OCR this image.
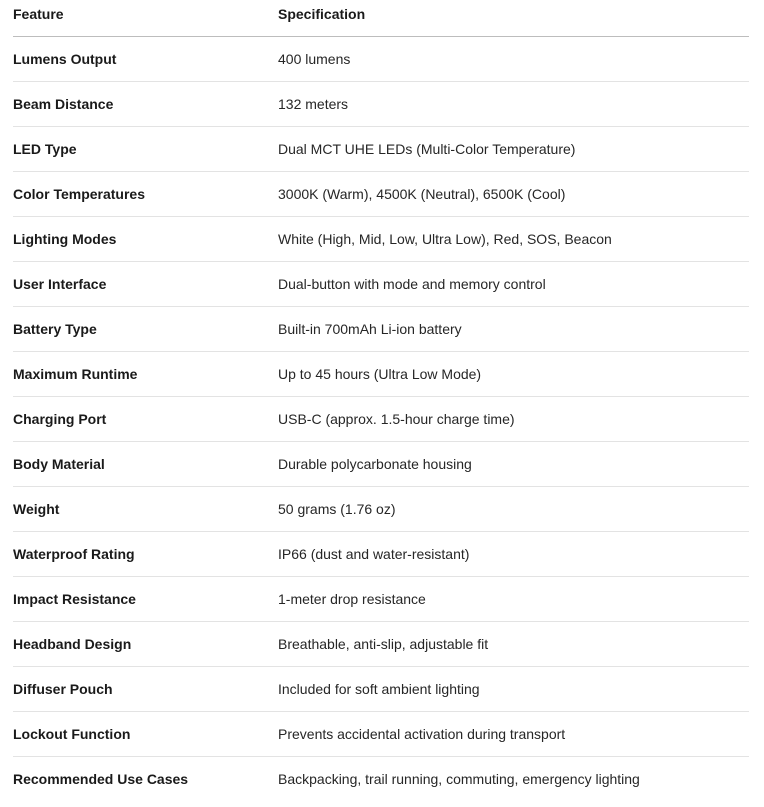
Feature	Specification
Lumens Output	400 lumens
Beam Distance	132 meters
LED Type	Dual MCT UHE LEDs (Multi-Color Temperature)
Color Temperatures	3000K (Warm), 4500K (Neutral), 6500K (Cool)
Lighting Modes	White (High, Mid, Low, Ultra Low), Red, SOS, Beacon
User Interface	Dual-button with mode and memory control
Battery Type	Built-in 700mAh Li-ion battery
Maximum Runtime	Up to 45 hours (Ultra Low Mode)
Charging Port	USB-C (approx. 1.5-hour charge time)
Body Material	Durable polycarbonate housing
Weight	50 grams (1.76 oz)
Waterproof Rating	IP66 (dust and water-resistant)
Impact Resistance	1-meter drop resistance
Headband Design	Breathable, anti-slip, adjustable fit
Diffuser Pouch	Included for soft ambient lighting
Lockout Function	Prevents accidental activation during transport
Recommended Use Cases	Backpacking, trail running, commuting, emergency lighting
